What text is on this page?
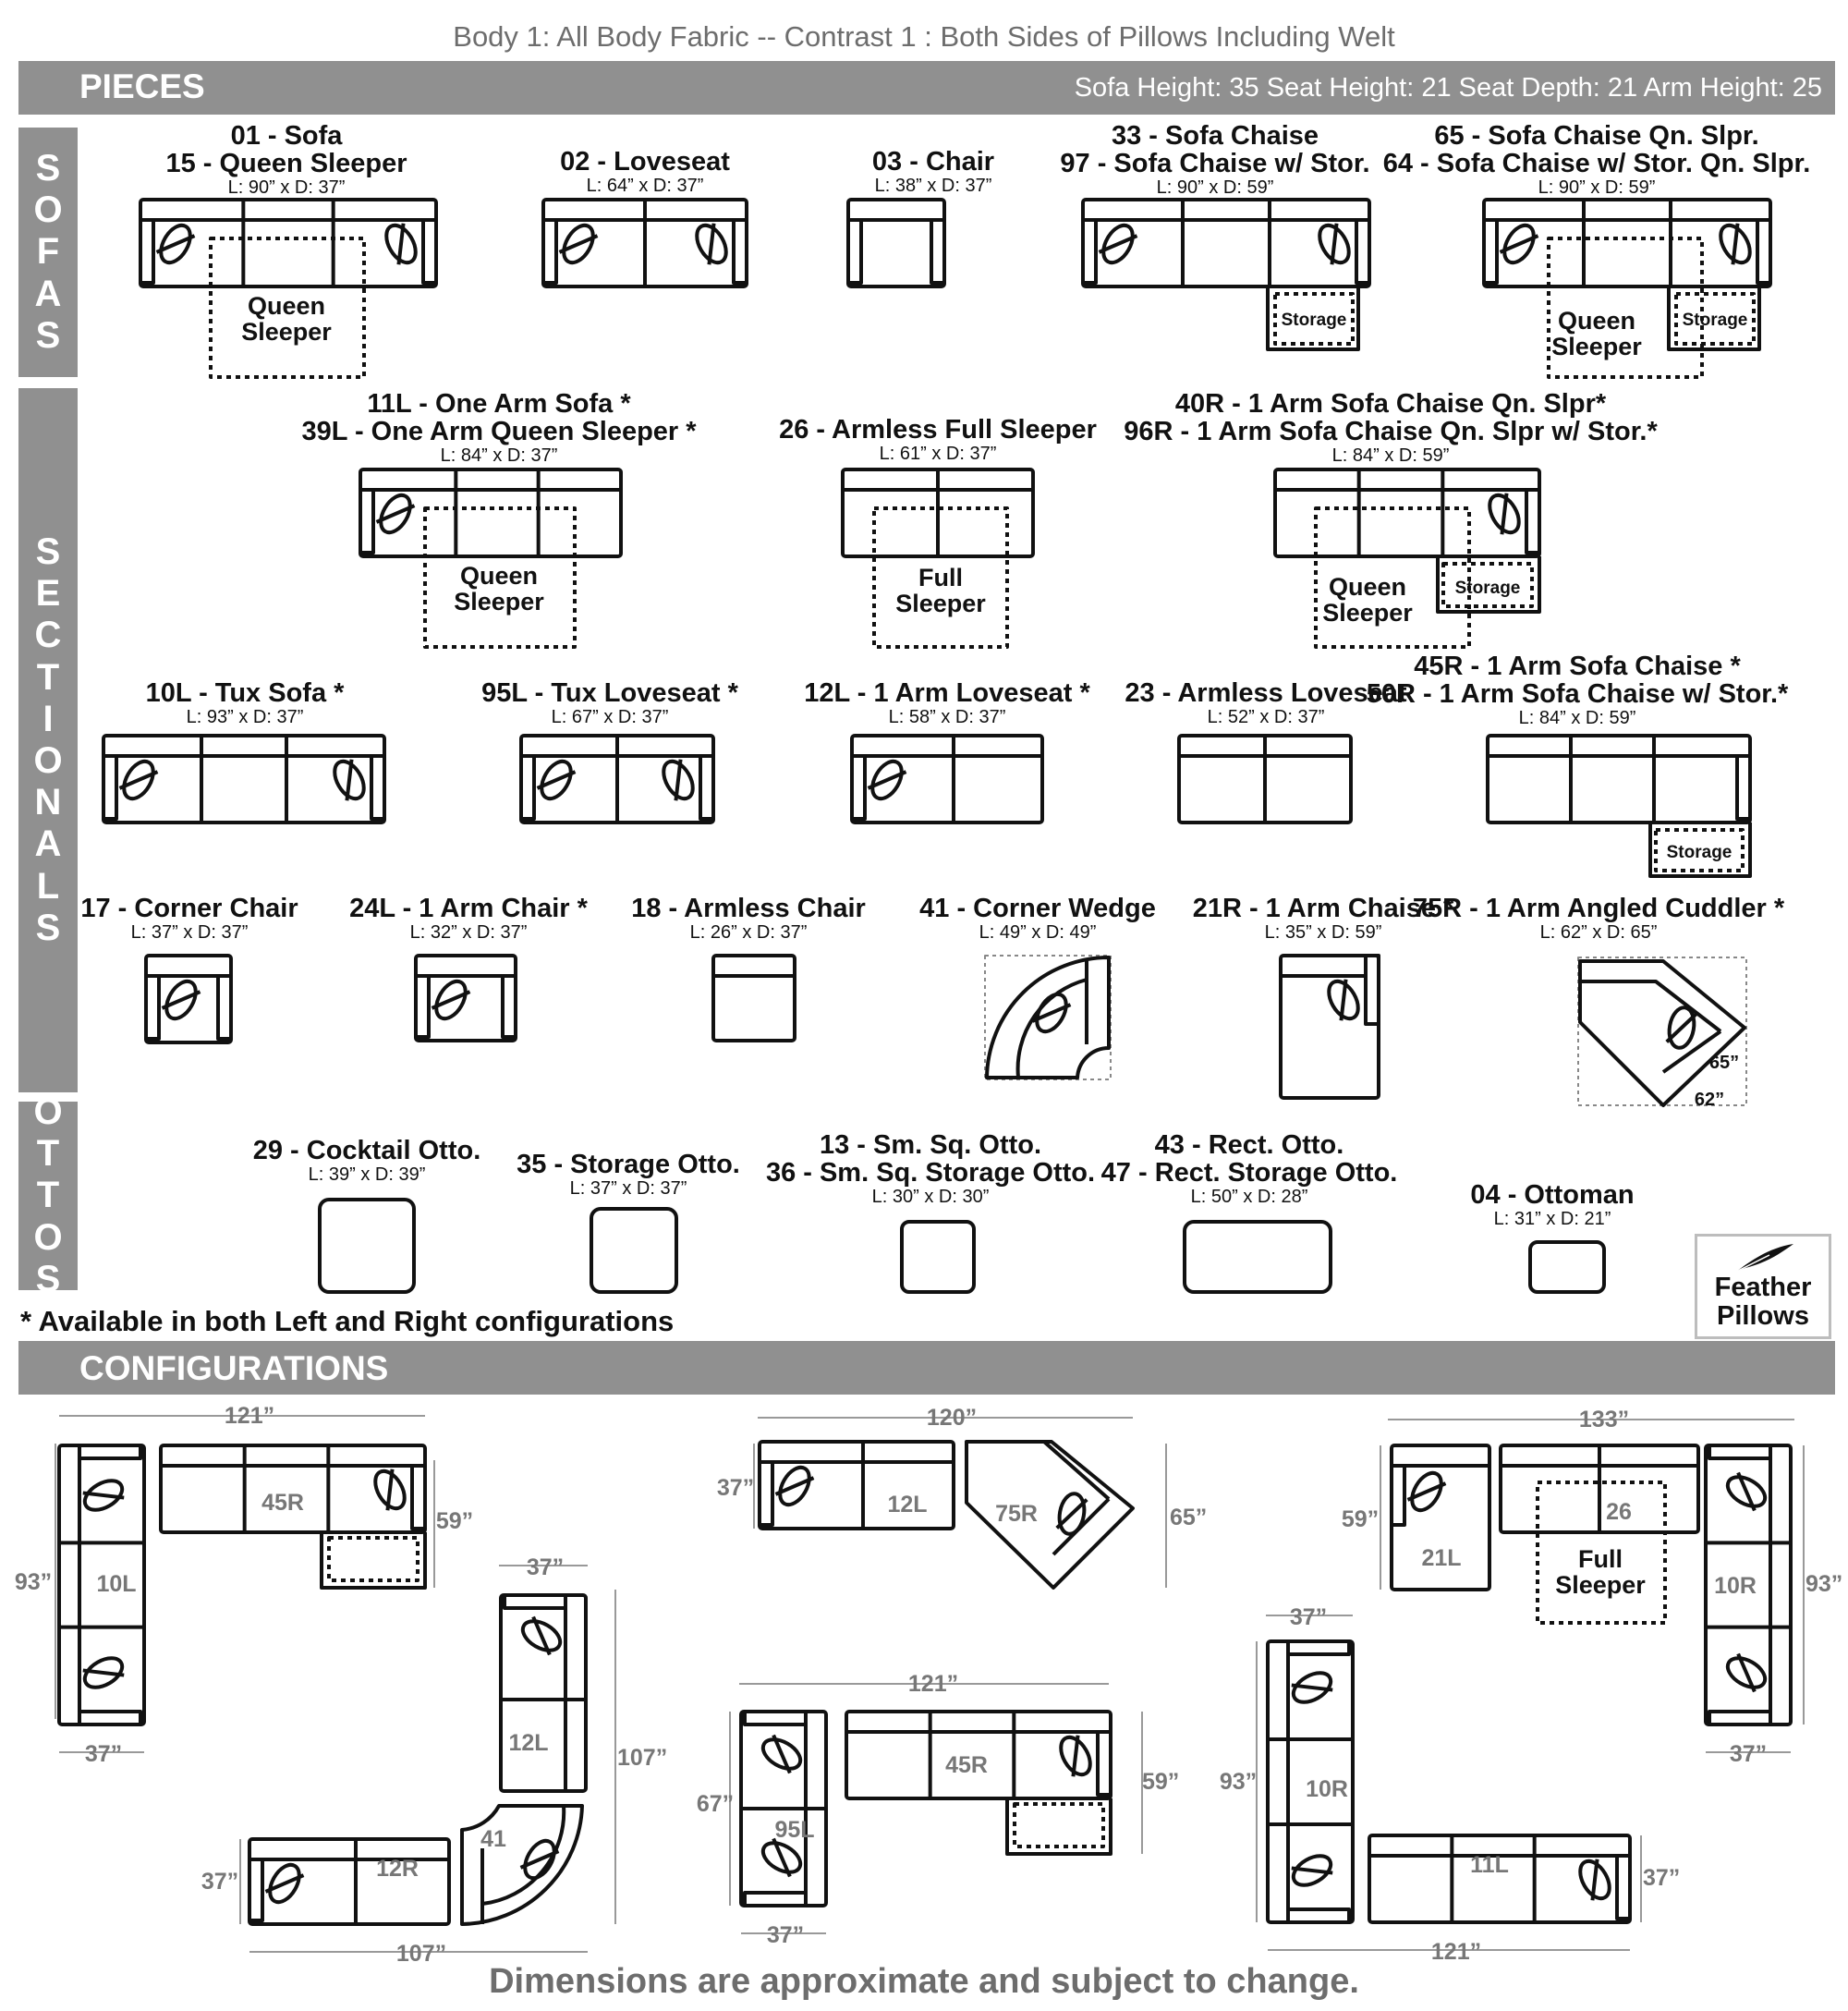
Body 1: All Body Fabric -- Contrast 1 : Both Sides of Pillows Including Welt
PIECES	Sofa Height: 35 Seat Height: 21 Seat Depth: 21 Arm Height: 25
S
O
F
A
S
S
E
C
T
I
O
N
A
L
S
O
T
T
O
S
01 - Sofa
15 - Queen Sleeper
L: 90” x D: 37”
02 - Loveseat
L: 64” x D: 37”
03 - Chair
L: 38” x D: 37”
33 - Sofa Chaise
97 - Sofa Chaise w/ Stor.
L: 90” x D: 59”
65 - Sofa Chaise Qn. Slpr.
64 - Sofa Chaise w/ Stor. Qn. Slpr.
L: 90” x D: 59”
11L - One Arm Sofa *
39L - One Arm Queen Sleeper *
L: 84” x D: 37”
26 - Armless Full Sleeper
L: 61” x D: 37”
40R - 1 Arm Sofa Chaise Qn. Slpr*
96R - 1 Arm Sofa Chaise Qn. Slpr w/ Stor.*
L: 84” x D: 59”
10L - Tux Sofa *
L: 93” x D: 37”
95L - Tux Loveseat *
L: 67” x D: 37”
12L - 1 Arm Loveseat *
L: 58” x D: 37”
23 - Armless Loveseat
L: 52” x D: 37”
45R - 1 Arm Sofa Chaise *
50R - 1 Arm Sofa Chaise w/ Stor.*
L: 84” x D: 59”
17 - Corner Chair
L: 37” x D: 37”
24L - 1 Arm Chair *
L: 32” x D: 37”
18 - Armless Chair
L: 26” x D: 37”
41 - Corner Wedge
L: 49” x D: 49”
21R - 1 Arm Chaise *
L: 35” x D: 59”
75R - 1 Arm Angled Cuddler *
L: 62” x D: 65”
29 - Cocktail Otto.
L: 39” x D: 39”	35 - Storage Otto.
L: 37” x D: 37”
13 - Sm. Sq. Otto.
36 - Sm. Sq. Storage Otto.
L: 30” x D: 30”
43 - Rect. Otto.
47 - Rect. Storage Otto.
L: 50” x D: 28”	04 - Ottoman
L: 31” x D: 21”
Queen
Sleeper	Storage	Storage
Queen
Sleeper
Queen
Sleeper
Full
Sleeper
Storage
Queen
Sleeper
Storage
65”
62”
121”
93”
45R
10L
59”
37”
37”
12L
41
12R
107”
37”
107”
120”
12L	75R
37”
65”
121”
95L
45R
67”
59”
37”
133”
21L
26
Full
Sleeper	10R
59”
93”
37”
37”
10R
11L
93”
37”
121”
* Available in both Left and Right configurations
Feather
Pillows
CONFIGURATIONS
Dimensions are approximate and subject to change.
